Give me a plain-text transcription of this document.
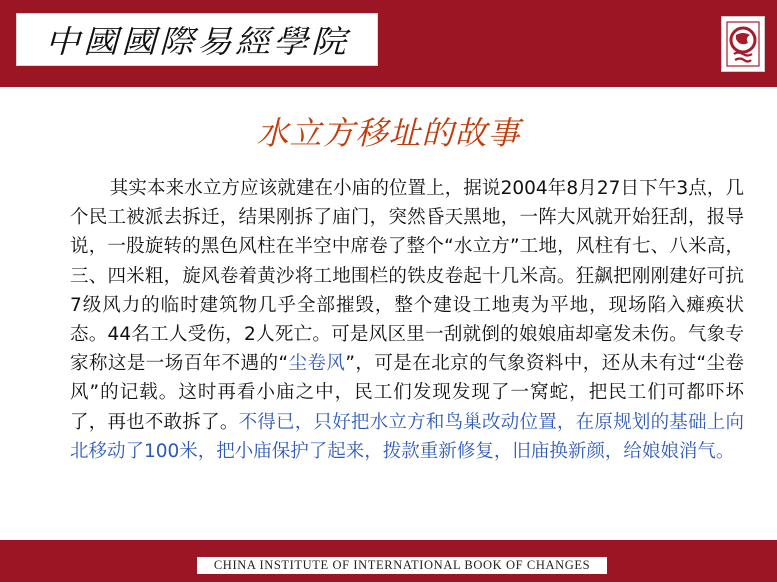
中國國際易經學院
水立方移址的故事

其实本来水立方应该就建在小庙的位置上，据说2004年8月27日下午3点，几个民工被派去拆迁，结果刚拆了庙门，突然昏天黑地，一阵大风就开始狂刮，报导说，一股旋转的黑色风柱在半空中席卷了整个“水立方”工地，风柱有七、八米高，三、四米粗，旋风卷着黄沙将工地围栏的铁皮卷起十几米高。狂飙把刚刚建好可抗7级风力的临时建筑物几乎全部摧毁，整个建设工地夷为平地，现场陷入瘫痪状态。44名工人受伤，2人死亡。可是风区里一刮就倒的娘娘庙却毫发未伤。气象专家称这是一场百年不遇的“尘卷风”，可是在北京的气象资料中，还从未有过“尘卷风”的记载。这时再看小庙之中，民工们发现发现了一窝蛇，把民工们可都吓坏了，再也不敢拆了。不得已，只好把水立方和鸟巢改动位置，在原规划的基础上向北移动了100米，把小庙保护了起来，拨款重新修复，旧庙换新颜，给娘娘消气。

CHINA INSTITUTE OF INTERNATIONAL BOOK OF CHANGES
